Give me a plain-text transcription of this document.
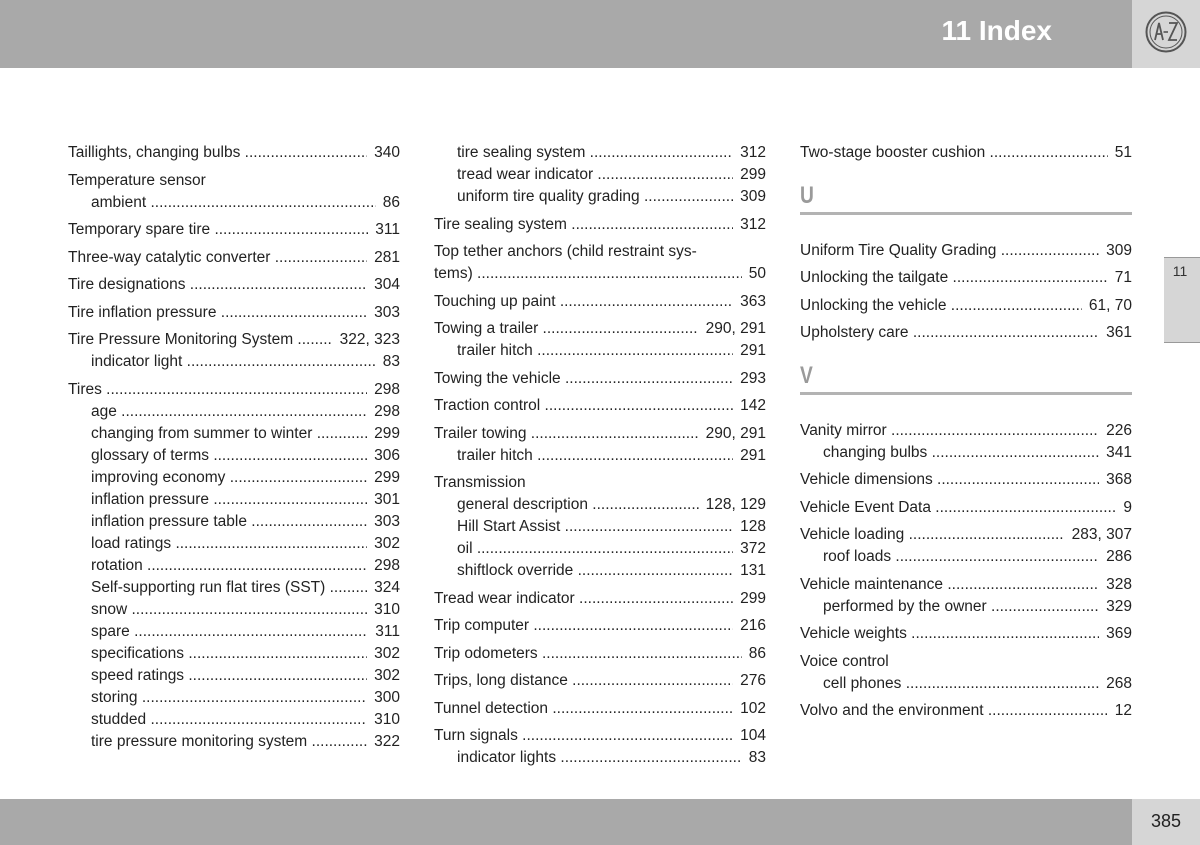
11 Index
11
Taillights, changing bulbs .....	340
Temperature sensor
ambient .....	86
Temporary spare tire .....	311
Three-way catalytic converter .....	281
Tire designations .....	304
Tire inflation pressure .....	303
Tire Pressure Monitoring System .....	322, 323
indicator light .....	83
Tires .....	298
age .....	298
changing from summer to winter .....	299
glossary of terms .....	306
improving economy .....	299
inflation pressure .....	301
inflation pressure table .....	303
load ratings .....	302
rotation .....	298
Self-supporting run flat tires (SST) .....	324
snow .....	310
spare .....	311
specifications .....	302
speed ratings .....	302
storing .....	300
studded .....	310
tire pressure monitoring system .....	322
tire sealing system .....	312
tread wear indicator .....	299
uniform tire quality grading .....	309
Tire sealing system .....	312
Top tether anchors (child restraint sys-
tems) .....	50
Touching up paint .....	363
Towing a trailer .....	290, 291
trailer hitch .....	291
Towing the vehicle .....	293
Traction control .....	142
Trailer towing .....	290, 291
trailer hitch .....	291
Transmission
general description .....	128, 129
Hill Start Assist .....	128
oil .....	372
shiftlock override .....	131
Tread wear indicator .....	299
Trip computer .....	216
Trip odometers .....	86
Trips, long distance .....	276
Tunnel detection .....	102
Turn signals .....	104
indicator lights .....	83
Two-stage booster cushion .....	51
U
Uniform Tire Quality Grading .....	309
Unlocking the tailgate .....	71
Unlocking the vehicle .....	61, 70
Upholstery care .....	361
V
Vanity mirror .....	226
changing bulbs .....	341
Vehicle dimensions .....	368
Vehicle Event Data .....	9
Vehicle loading .....	283, 307
roof loads .....	286
Vehicle maintenance .....	328
performed by the owner .....	329
Vehicle weights .....	369
Voice control
cell phones .....	268
Volvo and the environment .....	12
385
